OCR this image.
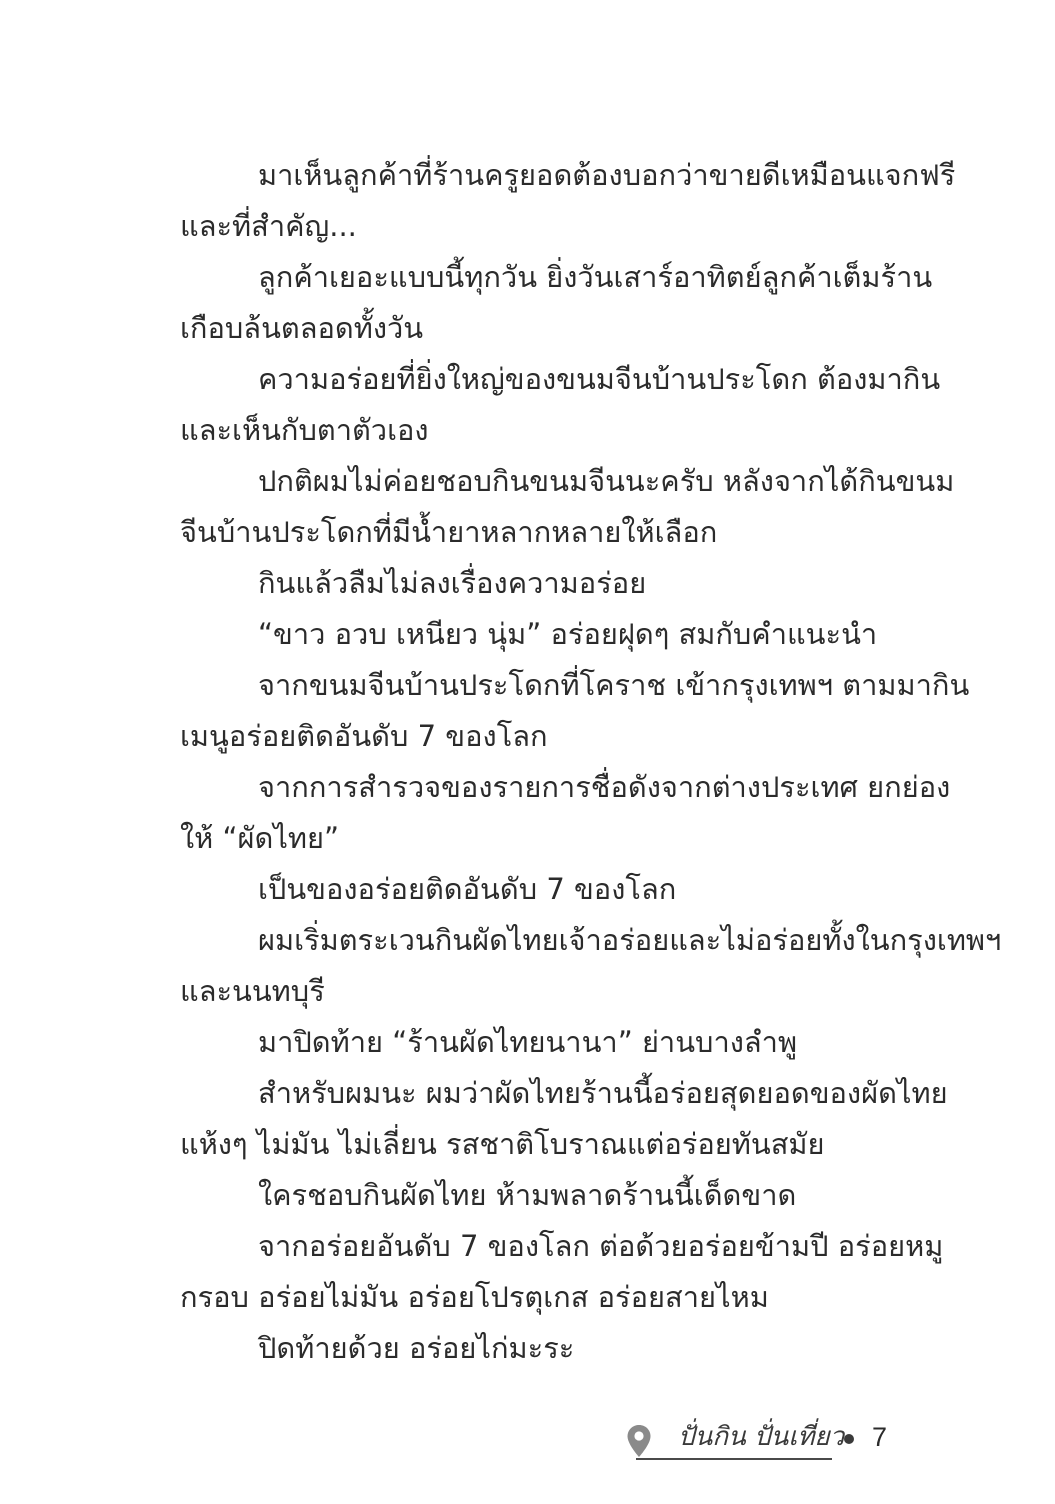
มาเห็นลูกค้าที่ร้านครูยอดต้องบอกว่าขายดีเหมือนแจกฟรี
และที่สำคัญ...
ลูกค้าเยอะแบบนี้ทุกวัน ยิ่งวันเสาร์อาทิตย์ลูกค้าเต็มร้าน
เกือบล้นตลอดทั้งวัน
ความอร่อยที่ยิ่งใหญ่ของขนมจีนบ้านประโดก ต้องมากิน
และเห็นกับตาตัวเอง
ปกติผมไม่ค่อยชอบกินขนมจีนนะครับ หลังจากได้กินขนม
จีนบ้านประโดกที่มีน้ำยาหลากหลายให้เลือก
กินแล้วลืมไม่ลงเรื่องความอร่อย
“ขาว อวบ เหนียว นุ่ม” อร่อยฝุดๆ สมกับคำแนะนำ
จากขนมจีนบ้านประโดกที่โคราช เข้ากรุงเทพฯ ตามมากิน
เมนูอร่อยติดอันดับ 7 ของโลก
จากการสำรวจของรายการชื่อดังจากต่างประเทศ ยกย่อง
ให้ “ผัดไทย”
เป็นของอร่อยติดอันดับ 7 ของโลก
ผมเริ่มตระเวนกินผัดไทยเจ้าอร่อยและไม่อร่อยทั้งในกรุงเทพฯ
และนนทบุรี
มาปิดท้าย “ร้านผัดไทยนานา” ย่านบางลำพู
สำหรับผมนะ ผมว่าผัดไทยร้านนี้อร่อยสุดยอดของผัดไทย
แห้งๆ ไม่มัน ไม่เลี่ยน รสชาติโบราณแต่อร่อยทันสมัย
ใครชอบกินผัดไทย ห้ามพลาดร้านนี้เด็ดขาด
จากอร่อยอันดับ 7 ของโลก ต่อด้วยอร่อยข้ามปี อร่อยหมู
กรอบ อร่อยไม่มัน อร่อยโปรตุเกส อร่อยสายไหม
ปิดท้ายด้วย อร่อยไก่มะระ
ปั่นกิน ปั่นเที่ยว 7
